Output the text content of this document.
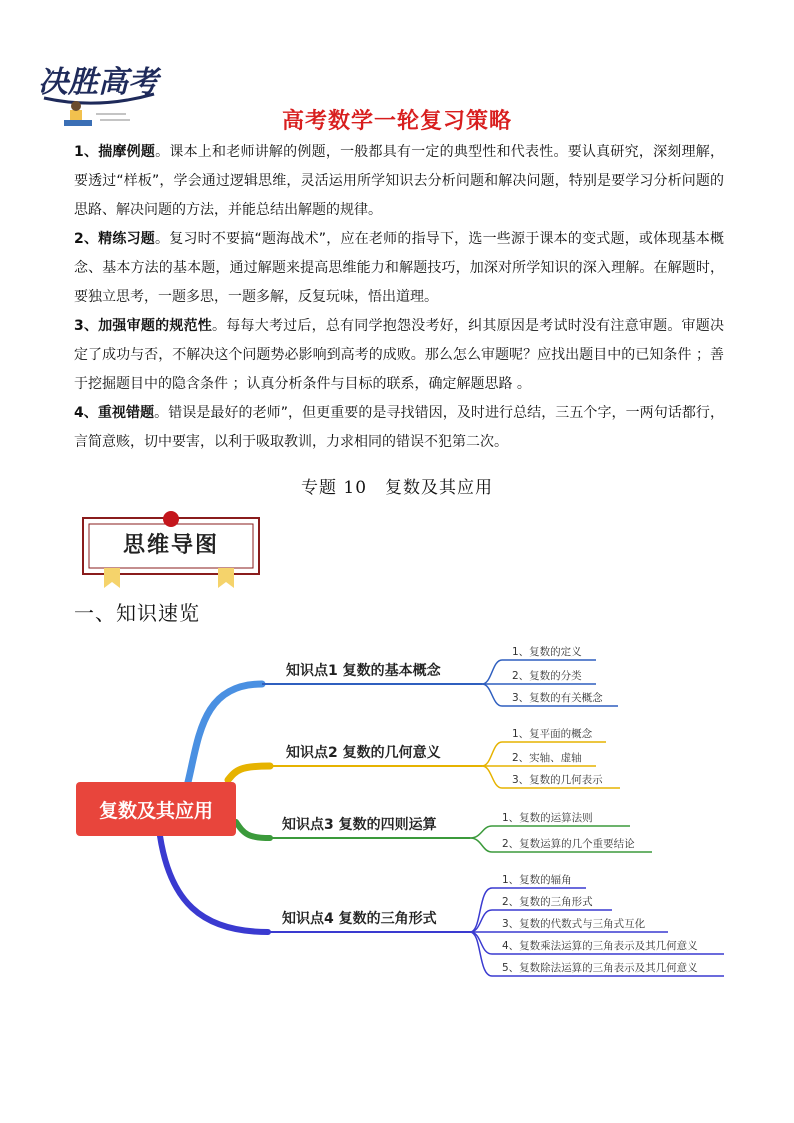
决胜高考
高考数学一轮复习策略

1、揣摩例题。课本上和老师讲解的例题，一般都具有一定的典型性和代表性。要认真研究，深刻理解，要透过“样板”，学会通过逻辑思维，灵活运用所学知识去分析问题和解决问题，特别是要学习分析问题的思路、解决问题的方法，并能总结出解题的规律。

2、精练习题。复习时不要搞“题海战术”，应在老师的指导下，选一些源于课本的变式题，或体现基本概念、基本方法的基本题，通过解题来提高思维能力和解题技巧，加深对所学知识的深入理解。在解题时，要独立思考，一题多思，一题多解，反复玩味，悟出道理。

3、加强审题的规范性。每每大考过后，总有同学抱怨没考好，纠其原因是考试时没有注意审题。审题决定了成功与否，不解决这个问题势必影响到高考的成败。那么怎么审题呢？应找出题目中的已知条件 ；善于挖掘题目中的隐含条件 ；认真分析条件与目标的联系，确定解题思路 。

4、重视错题。错误是最好的老师”，但更重要的是寻找错因，及时进行总结，三五个字，一两句话都行，言简意赅，切中要害，以利于吸取教训，力求相同的错误不犯第二次。

专题 10　复数及其应用
思维导图
一、知识速览
复数及其应用
知识点1 复数的基本概念
知识点2 复数的几何意义
知识点3 复数的四则运算
知识点4 复数的三角形式
1、复数的定义
2、复数的分类
3、复数的有关概念
1、复平面的概念
2、实轴、虚轴
3、复数的几何表示
1、复数的运算法则
2、复数运算的几个重要结论
1、复数的辐角
2、复数的三角形式
3、复数的代数式与三角式互化
4、复数乘法运算的三角表示及其几何意义
5、复数除法运算的三角表示及其几何意义
